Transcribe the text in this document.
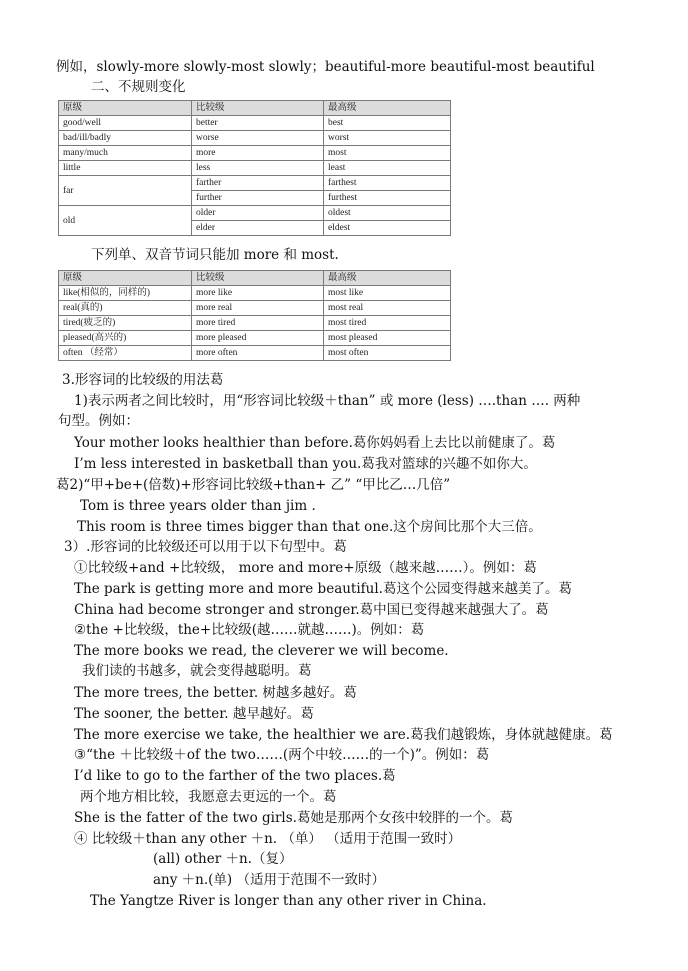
例如，slowly-more slowly-most slowly；beautiful-more beautiful-most beautiful
二、不规则变化
原级	比较级	最高级
good/well	better	best
bad/ill/badly	worse	worst
many/much	more	most
little	less	least
far	farther	farthest
	further	furthest
old	older	oldest
	elder	eldest
下列单、双音节词只能加 more 和 most.
原级	比较级	最高级
like(相似的，同样的)	more like	most like
real(真的)	more real	most real
tired(疲乏的)	more tired	most tired
pleased(高兴的)	more pleased	most pleased
often （经常）	more often	most often
3.形容词的比较级的用法葛
1)表示两者之间比较时，用“形容词比较级＋than” 或 more (less) ….than …. 两种
句型。例如：
Your mother looks healthier than before.葛你妈妈看上去比以前健康了。葛
I’m less interested in basketball than you.葛我对篮球的兴趣不如你大。
葛2)“甲+be+(倍数)+形容词比较级+than+ 乙” “甲比乙…几倍”
Tom is three years older than jim .
This room is three times bigger than that one.这个房间比那个大三倍。
3）.形容词的比较级还可以用于以下句型中。葛
①比较级+and +比较级， more and more+原级（越来越……）。例如：葛
The park is getting more and more beautiful.葛这个公园变得越来越美了。葛
China had become stronger and stronger.葛中国已变得越来越强大了。葛
②the +比较级，the+比较级(越……就越……)。例如：葛
The more books we read, the cleverer we will become.
我们读的书越多，就会变得越聪明。葛
The more trees, the better. 树越多越好。葛
The sooner, the better. 越早越好。葛
The more exercise we take, the healthier we are.葛我们越锻炼，身体就越健康。葛
③“the ＋比较级＋of the two……(两个中较……的一个)”。例如：葛
I’d like to go to the farther of the two places.葛
两个地方相比较，我愿意去更远的一个。葛
She is the fatter of the two girls.葛她是那两个女孩中较胖的一个。葛
④ 比较级＋than any other ＋n. （单） （适用于范围一致时）
(all) other ＋n.（复）
any ＋n.(单) （适用于范围不一致时）
The Yangtze River is longer than any other river in China.
